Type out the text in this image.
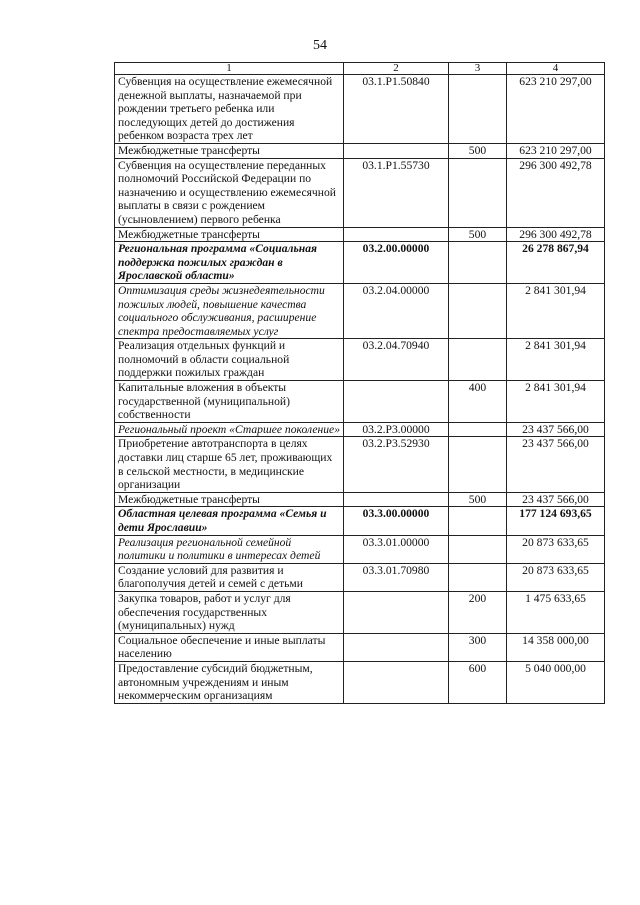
54
1	2	3	4
Субвенция на осуществление ежемесячной денежной выплаты, назначаемой при рождении третьего ребенка или последующих детей до достижения ребенком возраста трех лет	03.1.P1.50840		623 210 297,00
Межбюджетные трансферты		500	623 210 297,00
Субвенция на осуществление переданных полномочий Российской Федерации по назначению и осуществлению ежемесячной выплаты в связи с рождением (усыновлением) первого ребенка	03.1.P1.55730		296 300 492,78
Межбюджетные трансферты		500	296 300 492,78
Региональная программа «Социальная поддержка пожилых граждан в Ярославской области»	03.2.00.00000		26 278 867,94
Оптимизация среды жизнедеятельности пожилых людей, повышение качества социального обслуживания, расширение спектра предоставляемых услуг	03.2.04.00000		2 841 301,94
Реализация отдельных функций и полномочий в области социальной поддержки пожилых граждан	03.2.04.70940		2 841 301,94
Капитальные вложения в объекты государственной (муниципальной) собственности		400	2 841 301,94
Региональный проект «Старшее поколение»	03.2.P3.00000		23 437 566,00
Приобретение автотранспорта в целях доставки лиц старше 65 лет, проживающих в сельской местности, в медицинские организации	03.2.P3.52930		23 437 566,00
Межбюджетные трансферты		500	23 437 566,00
Областная целевая программа «Семья и дети Ярославии»	03.3.00.00000		177 124 693,65
Реализация региональной семейной политики и политики в интересах детей	03.3.01.00000		20 873 633,65
Создание условий для развития и благополучия детей и семей с детьми	03.3.01.70980		20 873 633,65
Закупка товаров, работ и услуг для обеспечения государственных (муниципальных) нужд		200	1 475 633,65
Социальное обеспечение и иные выплаты населению		300	14 358 000,00
Предоставление субсидий бюджетным, автономным учреждениям и иным некоммерческим организациям		600	5 040 000,00
